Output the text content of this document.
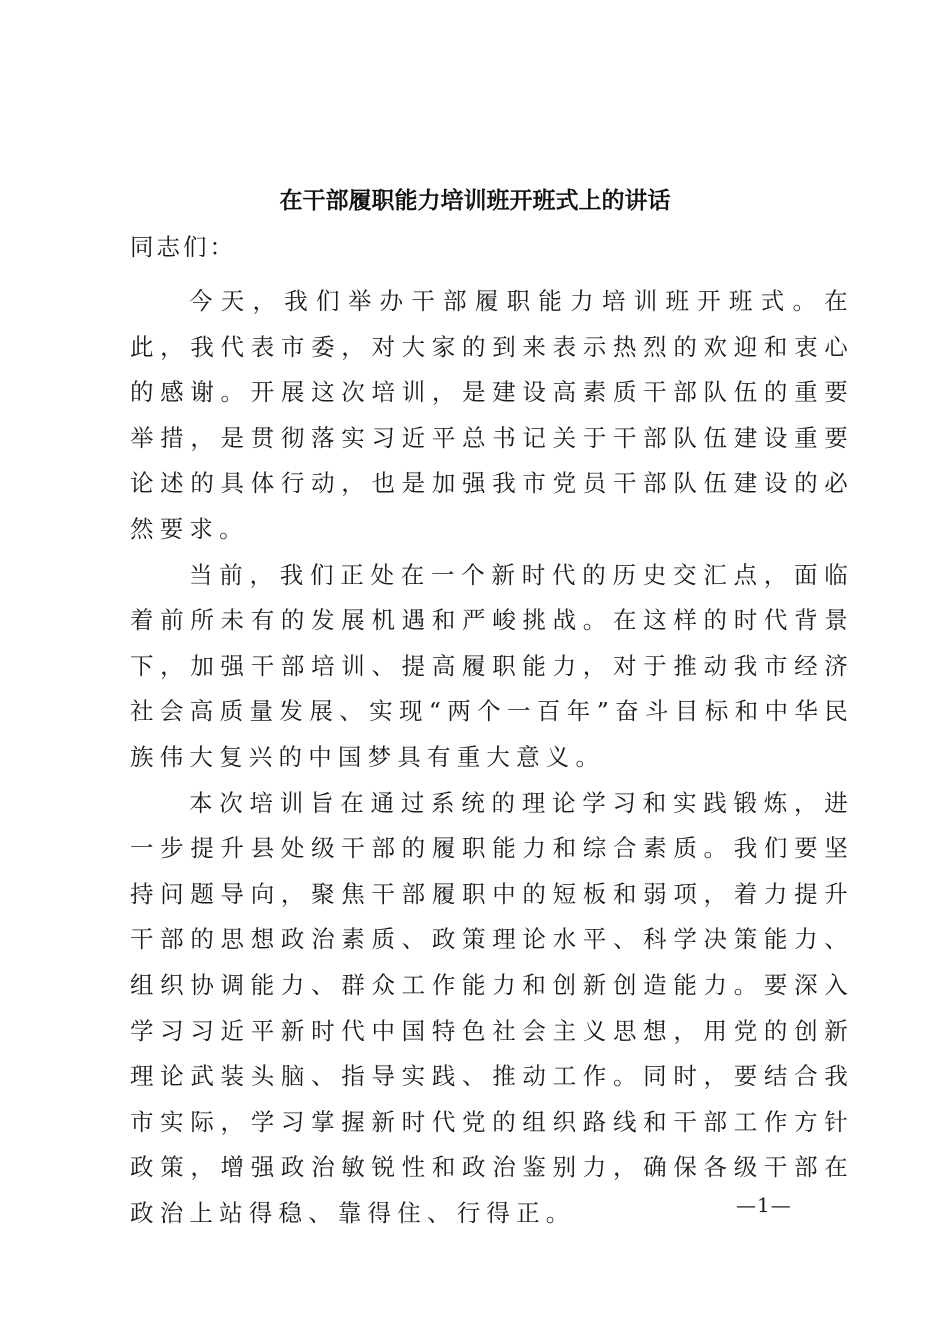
在干部履职能力培训班开班式上的讲话
同志们：

今天，我们举办干部履职能力培训班开班式。在此，我代表市委，对大家的到来表示热烈的欢迎和衷心的感谢。开展这次培训，是建设高素质干部队伍的重要举措，是贯彻落实习近平总书记关于干部队伍建设重要论述的具体行动，也是加强我市党员干部队伍建设的必然要求。

当前，我们正处在一个新时代的历史交汇点，面临着前所未有的发展机遇和严峻挑战。在这样的时代背景下，加强干部培训、提高履职能力，对于推动我市经济社会高质量发展、实现“两个一百年”奋斗目标和中华民族伟大复兴的中国梦具有重大意义。

本次培训旨在通过系统的理论学习和实践锻炼，进一步提升县处级干部的履职能力和综合素质。我们要坚持问题导向，聚焦干部履职中的短板和弱项，着力提升干部的思想政治素质、政策理论水平、科学决策能力、组织协调能力、群众工作能力和创新创造能力。要深入学习习近平新时代中国特色社会主义思想，用党的创新理论武装头脑、指导实践、推动工作。同时，要结合我市实际，学习掌握新时代党的组织路线和干部工作方针政策，增强政治敏锐性和政治鉴别力，确保各级干部在政治上站得稳、靠得住、行得正。	—1—
